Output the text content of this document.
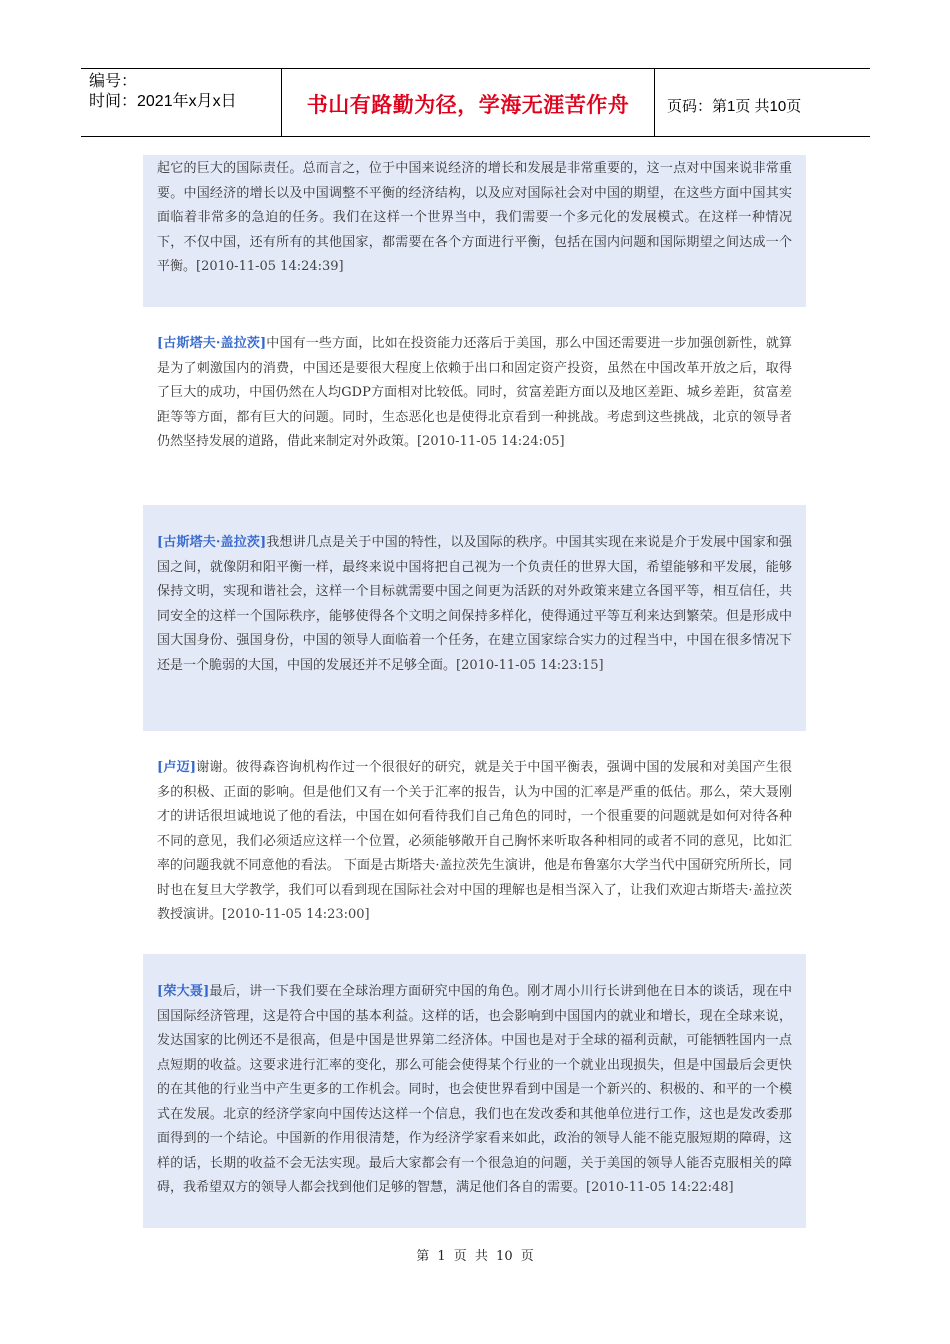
编号：
时间：2021年x月x日	书山有路勤为径，学海无涯苦作舟	页码：第1页 共10页
起它的巨大的国际责任。总而言之，位于中国来说经济的增长和发展是非常重要的，这一点对中国来说非常重要。中国经济的增长以及中国调整不平衡的经济结构，以及应对国际社会对中国的期望，在这些方面中国其实面临着非常多的急迫的任务。我们在这样一个世界当中，我们需要一个多元化的发展模式。在这样一种情况下，不仅中国，还有所有的其他国家，都需要在各个方面进行平衡，包括在国内问题和国际期望之间达成一个平衡。[2010-11-05 14:24:39]
[古斯塔夫·盖拉茨]中国有一些方面，比如在投资能力还落后于美国，那么中国还需要进一步加强创新性，就算是为了刺激国内的消费，中国还是要很大程度上依赖于出口和固定资产投资，虽然在中国改革开放之后，取得了巨大的成功，中国仍然在人均GDP方面相对比较低。同时，贫富差距方面以及地区差距、城乡差距，贫富差距等等方面，都有巨大的问题。同时，生态恶化也是使得北京看到一种挑战。考虑到这些挑战，北京的领导者仍然坚持发展的道路，借此来制定对外政策。[2010-11-05 14:24:05]
[古斯塔夫·盖拉茨]我想讲几点是关于中国的特性，以及国际的秩序。中国其实现在来说是介于发展中国家和强国之间，就像阴和阳平衡一样，最终来说中国将把自己视为一个负责任的世界大国，希望能够和平发展，能够保持文明，实现和谐社会，这样一个目标就需要中国之间更为活跃的对外政策来建立各国平等，相互信任，共同安全的这样一个国际秩序，能够使得各个文明之间保持多样化，使得通过平等互利来达到繁荣。但是形成中国大国身份、强国身份，中国的领导人面临着一个任务，在建立国家综合实力的过程当中，中国在很多情况下还是一个脆弱的大国，中国的发展还并不足够全面。[2010-11-05 14:23:15]
[卢迈]谢谢。彼得森咨询机构作过一个很很好的研究，就是关于中国平衡表，强调中国的发展和对美国产生很多的积极、正面的影响。但是他们又有一个关于汇率的报告，认为中国的汇率是严重的低估。那么，荣大聂刚才的讲话很坦诚地说了他的看法，中国在如何看待我们自己角色的同时，一个很重要的问题就是如何对待各种不同的意见，我们必须适应这样一个位置，必须能够敞开自己胸怀来听取各种相同的或者不同的意见，比如汇率的问题我就不同意他的看法。 下面是古斯塔夫·盖拉茨先生演讲，他是布鲁塞尔大学当代中国研究所所长，同时也在复旦大学教学，我们可以看到现在国际社会对中国的理解也是相当深入了，让我们欢迎古斯塔夫·盖拉茨教授演讲。[2010-11-05 14:23:00]
[荣大聂]最后，讲一下我们要在全球治理方面研究中国的角色。刚才周小川行长讲到他在日本的谈话，现在中国国际经济管理，这是符合中国的基本利益。这样的话，也会影响到中国国内的就业和增长，现在全球来说，发达国家的比例还不是很高，但是中国是世界第二经济体。中国也是对于全球的福利贡献，可能牺牲国内一点点短期的收益。这要求进行汇率的变化，那么可能会使得某个行业的一个就业出现损失，但是中国最后会更快的在其他的行业当中产生更多的工作机会。同时，也会使世界看到中国是一个新兴的、积极的、和平的一个模式在发展。北京的经济学家向中国传达这样一个信息，我们也在发改委和其他单位进行工作，这也是发改委那面得到的一个结论。中国新的作用很清楚，作为经济学家看来如此，政治的领导人能不能克服短期的障碍，这样的话，长期的收益不会无法实现。最后大家都会有一个很急迫的问题，关于美国的领导人能否克服相关的障碍，我希望双方的领导人都会找到他们足够的智慧，满足他们各自的需要。[2010-11-05 14:22:48]
第 1 页 共 10 页
